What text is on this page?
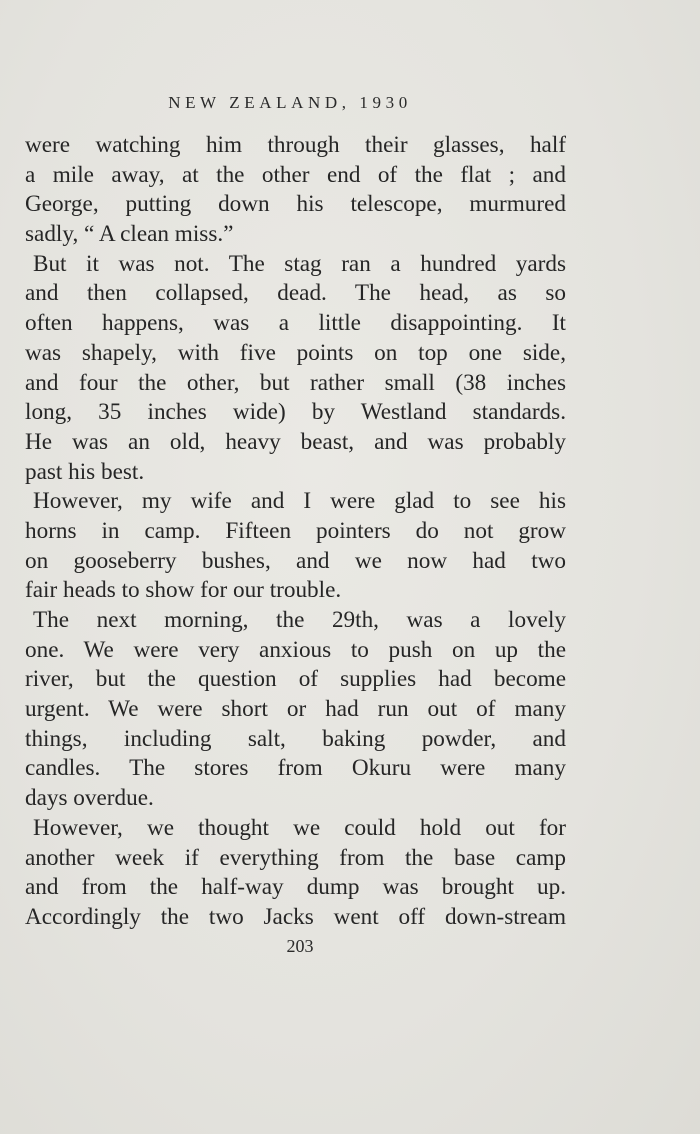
NEW ZEALAND, 1930
were watching him through their glasses, half
a mile away, at the other end of the flat ; and
George, putting down his telescope, murmured
sadly, “ A clean miss.”
But it was not. The stag ran a hundred yards
and then collapsed, dead. The head, as so
often happens, was a little disappointing. It
was shapely, with five points on top one side,
and four the other, but rather small (38 inches
long, 35 inches wide) by Westland standards.
He was an old, heavy beast, and was probably
past his best.
However, my wife and I were glad to see his
horns in camp. Fifteen pointers do not grow
on gooseberry bushes, and we now had two
fair heads to show for our trouble.
The next morning, the 29th, was a lovely
one. We were very anxious to push on up the
river, but the question of supplies had become
urgent. We were short or had run out of many
things, including salt, baking powder, and
candles. The stores from Okuru were many
days overdue.
However, we thought we could hold out for
another week if everything from the base camp
and from the half-way dump was brought up.
Accordingly the two Jacks went off down-stream
203
